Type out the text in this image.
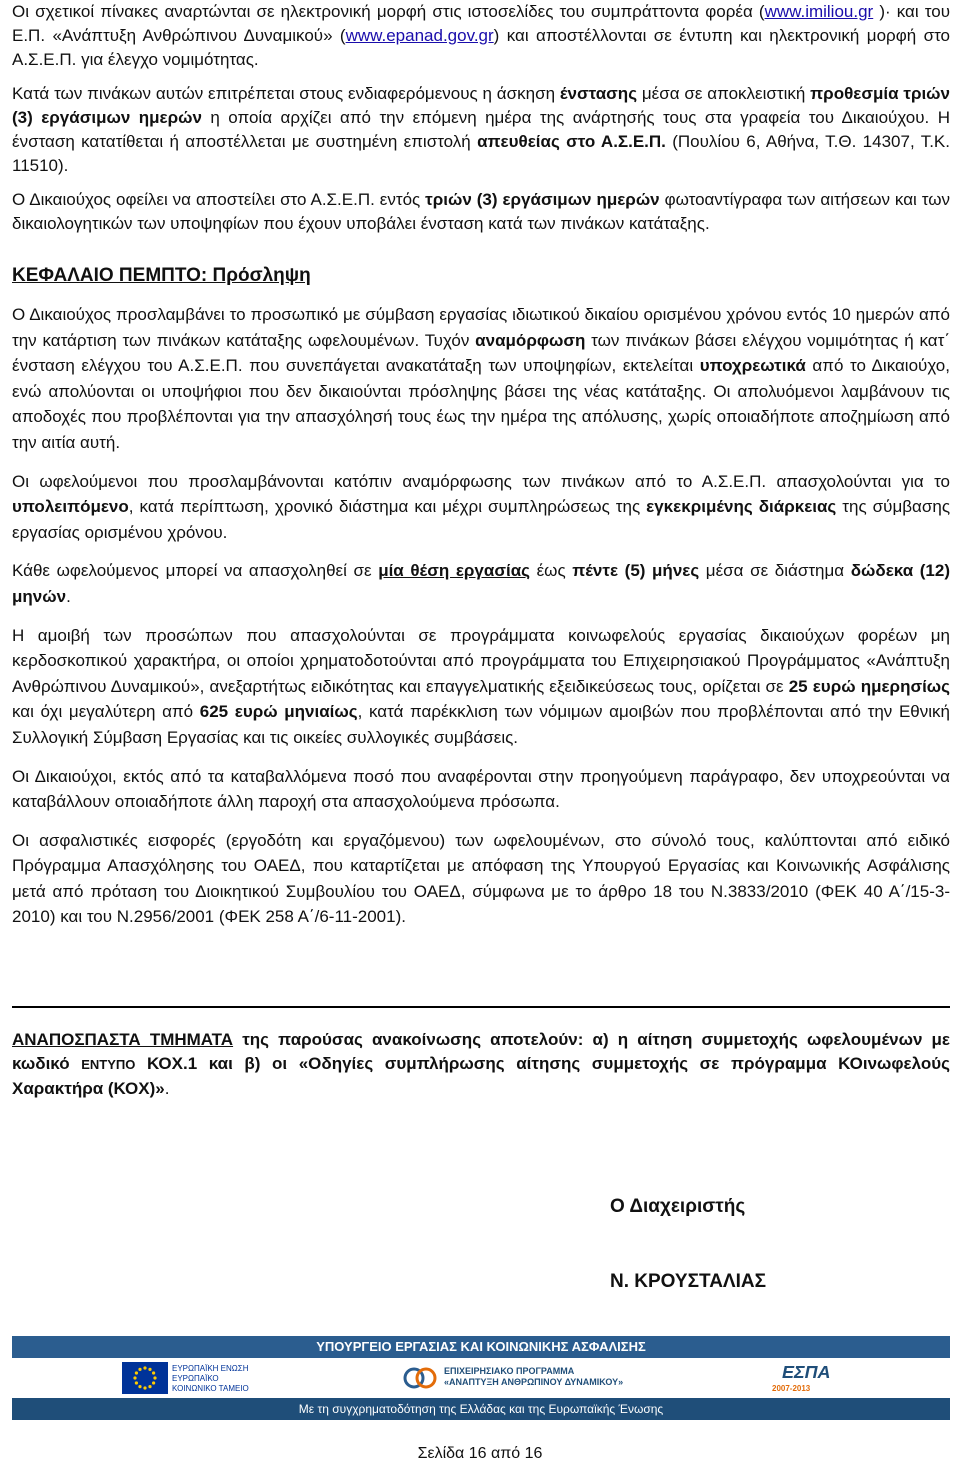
Οι σχετικοί πίνακες αναρτώνται σε ηλεκτρονική μορφή στις ιστοσελίδες του συμπράττοντα φορέα (www.imiliou.gr )· και του Ε.Π. «Ανάπτυξη Ανθρώπινου Δυναμικού» (www.epanad.gov.gr) και αποστέλλονται σε έντυπη και ηλεκτρονική μορφή στο Α.Σ.Ε.Π. για έλεγχο νομιμότητας.

Κατά των πινάκων αυτών επιτρέπεται στους ενδιαφερόμενους η άσκηση ένστασης μέσα σε αποκλειστική προθεσμία τριών (3) εργάσιμων ημερών η οποία αρχίζει από την επόμενη ημέρα της ανάρτησής τους στα γραφεία του Δικαιούχου. Η ένσταση κατατίθεται ή αποστέλλεται με συστημένη επιστολή απευθείας στο Α.Σ.Ε.Π. (Πουλίου 6, Αθήνα, Τ.Θ. 14307, Τ.Κ. 11510).

Ο Δικαιούχος οφείλει να αποστείλει στο Α.Σ.Ε.Π. εντός τριών (3) εργάσιμων ημερών φωτοαντίγραφα των αιτήσεων και των δικαιολογητικών των υποψηφίων που έχουν υποβάλει ένσταση κατά των πινάκων κατάταξης.

ΚΕΦΑΛΑΙΟ ΠΕΜΠΤΟ: Πρόσληψη

Ο Δικαιούχος προσλαμβάνει το προσωπικό με σύμβαση εργασίας ιδιωτικού δικαίου ορισμένου χρόνου εντός 10 ημερών από την κατάρτιση των πινάκων κατάταξης ωφελουμένων. Τυχόν αναμόρφωση των πινάκων βάσει ελέγχου νομιμότητας ή κατ΄ ένσταση ελέγχου του Α.Σ.Ε.Π. που συνεπάγεται ανακατάταξη των υποψηφίων, εκτελείται υποχρεωτικά από το Δικαιούχο, ενώ απολύονται οι υποψήφιοι που δεν δικαιούνται πρόσληψης βάσει της νέας κατάταξης. Οι απολυόμενοι λαμβάνουν τις αποδοχές που προβλέπονται για την απασχόλησή τους έως την ημέρα της απόλυσης, χωρίς οποιαδήποτε αποζημίωση από την αιτία αυτή.

Οι ωφελούμενοι που προσλαμβάνονται κατόπιν αναμόρφωσης των πινάκων από το Α.Σ.Ε.Π. απασχολούνται για το υπολειπόμενο, κατά περίπτωση, χρονικό διάστημα και μέχρι συμπληρώσεως της εγκεκριμένης διάρκειας της σύμβασης εργασίας ορισμένου χρόνου.

Κάθε ωφελούμενος μπορεί να απασχοληθεί σε μία θέση εργασίας έως πέντε (5) μήνες μέσα σε διάστημα δώδεκα (12) μηνών.

Η αμοιβή των προσώπων που απασχολούνται σε προγράμματα κοινωφελούς εργασίας δικαιούχων φορέων μη κερδοσκοπικού χαρακτήρα, οι οποίοι χρηματοδοτούνται από προγράμματα του Επιχειρησιακού Προγράμματος «Ανάπτυξη Ανθρώπινου Δυναμικού», ανεξαρτήτως ειδικότητας και επαγγελματικής εξειδικεύσεως τους, ορίζεται σε 25 ευρώ ημερησίως και όχι μεγαλύτερη από 625 ευρώ μηνιαίως, κατά παρέκκλιση των νόμιμων αμοιβών που προβλέπονται από την Εθνική Συλλογική Σύμβαση Εργασίας και τις οικείες συλλογικές συμβάσεις.

Οι Δικαιούχοι, εκτός από τα καταβαλλόμενα ποσό που αναφέρονται στην προηγούμενη παράγραφο, δεν υποχρεούνται να καταβάλλουν οποιαδήποτε άλλη παροχή στα απασχολούμενα πρόσωπα.

Οι ασφαλιστικές εισφορές (εργοδότη και εργαζόμενου) των ωφελουμένων, στο σύνολό τους, καλύπτονται από ειδικό Πρόγραμμα Απασχόλησης του ΟΑΕΔ, που καταρτίζεται με απόφαση της Υπουργού Εργασίας και Κοινωνικής Ασφάλισης μετά από πρόταση του Διοικητικού Συμβουλίου του ΟΑΕΔ, σύμφωνα με το άρθρο 18 του Ν.3833/2010 (ΦΕΚ 40 Α΄/15-3-2010) και του Ν.2956/2001 (ΦΕΚ 258 Α΄/6-11-2001).

ΑΝΑΠΟΣΠΑΣΤΑ ΤΜΗΜΑΤΑ της παρούσας ανακοίνωσης αποτελούν: α) η αίτηση συμμετοχής ωφελουμένων με κωδικό ΕΝΤΥΠΟ ΚΟΧ.1 και β) οι «Οδηγίες συμπλήρωσης αίτησης συμμετοχής σε πρόγραμμα ΚΟινωφελούς Χαρακτήρα (ΚΟΧ)».

Ο Διαχειριστής
Ν. ΚΡΟΥΣΤΑΛΙΑΣ
ΥΠΟΥΡΓΕΙΟ ΕΡΓΑΣΙΑΣ ΚΑΙ ΚΟΙΝΩΝΙΚΗΣ ΑΣΦΑΛΙΣΗΣ
ΕΥΡΩΠΑΪΚΗ ΕΝΩΣΗ ΕΥΡΩΠΑΪΚΟ ΚΟΙΝΩΝΙΚΟ ΤΑΜΕΙΟ
ΕΠΙΧΕΙΡΗΣΙΑΚΟ ΠΡΟΓΡΑΜΜΑ
«ΑΝΑΠΤΥΞΗ ΑΝΘΡΩΠΙΝΟΥ ΔΥΝΑΜΙΚΟΥ»	ΕΣΠΑ
2007-2013
Με τη συγχρηματοδότηση της Ελλάδας και της Ευρωπαϊκής Ένωσης
Σελίδα 16 από 16
